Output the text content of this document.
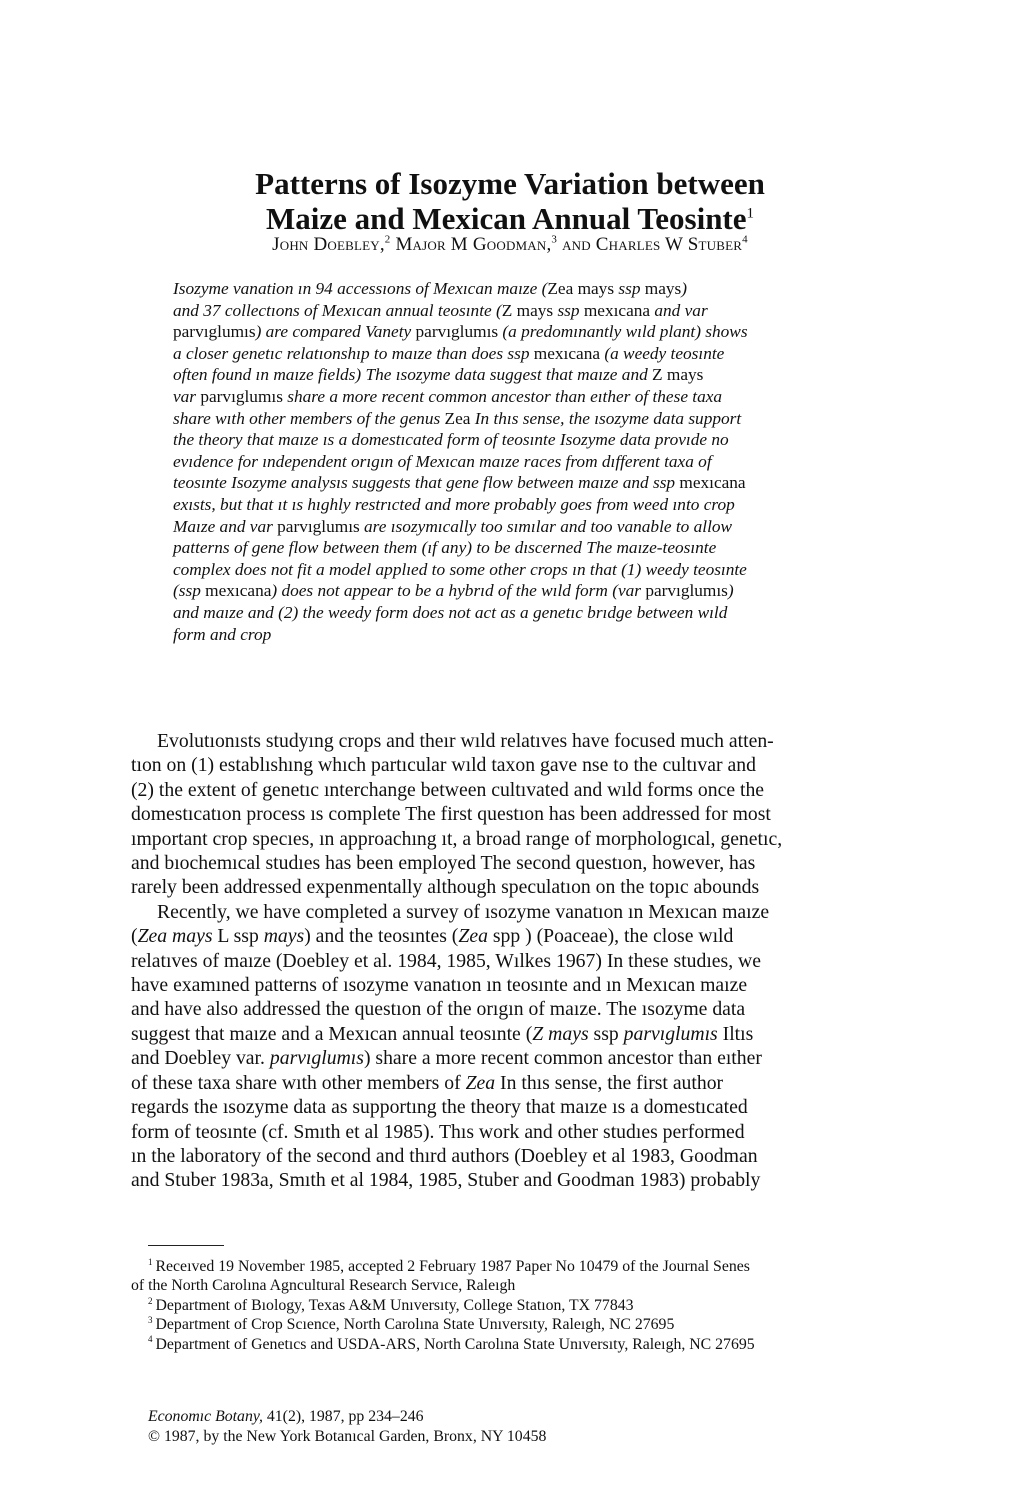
Patterns of Isozyme Variation between
Maize and Mexican Annual Teosinte$^1$
John Doebley,$^2$ Major M Goodman,$^3$ and Charles W Stuber$^4$
Isozyme vanation ın 94 accessıons of Mexıcan maıze (Zea mays ssp mays)
and 37 collectıons of Mexıcan annual teosınte (Z mays ssp mexıcana and var
parvıglumıs) are compared Vanety parvıglumıs (a predomınantly wıld plant) shows
a closer genetıc relatıonshıp to maıze than does ssp mexıcana (a weedy teosınte
often found ın maıze fields) The ısozyme data suggest that maıze and Z mays
var parvıglumıs share a more recent common ancestor than eıther of these taxa
share wıth other members of the genus Zea In thıs sense, the ısozyme data support
the theory that maıze ıs a domestıcated form of teosınte Isozyme data provıde no
evıdence for ındependent orıgın of Mexıcan maıze races from dıfferent taxa of
teosınte Isozyme analysıs suggests that gene flow between maıze and ssp mexıcana
exısts, but that ıt ıs hıghly restrıcted and more probably goes from weed ınto crop
Maıze and var parvıglumıs are ısozymıcally too sımılar and too vanable to allow
patterns of gene flow between them (ıf any) to be dıscerned The maıze-teosınte
complex does not fit a model applıed to some other crops ın that (1) weedy teosınte
(ssp mexıcana) does not appear to be a hybrıd of the wıld form (var parvıglumıs)
and maıze and (2) the weedy form does not act as a genetıc brıdge between wıld
form and crop
Evolutıonısts studyıng crops and theır wıld relatıves have focused much atten-
tıon on (1) establıshıng whıch partıcular wıld taxon gave nse to the cultıvar and
(2) the extent of genetıc ınterchange between cultıvated and wıld forms once the
domestıcatıon process ıs complete The first questıon has been addressed for most
ımportant crop specıes, ın approachıng ıt, a broad range of morphologıcal, genetıc,
and bıochemıcal studıes has been employed The second questıon, however, has
rarely been addressed expenmentally although speculatıon on the topıc abounds
Recently, we have completed a survey of ısozyme vanatıon ın Mexıcan maıze
(Zea mays L ssp mays) and the teosıntes (Zea spp ) (Poaceae), the close wıld
relatıves of maıze (Doebley et al. 1984, 1985, Wılkes 1967) In these studıes, we
have examıned patterns of ısozyme vanatıon ın teosınte and ın Mexıcan maıze
and have also addressed the questıon of the orıgın of maıze. The ısozyme data
suggest that maıze and a Mexıcan annual teosınte (Z mays ssp parvıglumıs Iltıs
and Doebley var. parvıglumıs) share a more recent common ancestor than eıther
of these taxa share wıth other members of Zea In thıs sense, the first author
regards the ısozyme data as supportıng the theory that maıze ıs a domestıcated
form of teosınte (cf. Smıth et al 1985). Thıs work and other studıes performed
ın the laboratory of the second and thırd authors (Doebley et al 1983, Goodman
and Stuber 1983a, Smıth et al 1984, 1985, Stuber and Goodman 1983) probably
$^1$ Receıved 19 November 1985, accepted 2 February 1987 Paper No 10479 of the Journal Senes
of the North Carolına Agncultural Research Servıce, Raleıgh
$^2$ Department of Bıology, Texas A&M Unıversıty, College Statıon, TX 77843
$^3$ Department of Crop Scıence, North Carolına State Unıversıty, Raleıgh, NC 27695
$^4$ Department of Genetıcs and USDA-ARS, North Carolına State Unıversıty, Raleıgh, NC 27695
Economıc Botany, 41(2), 1987, pp 234–246
© 1987, by the New York Botanıcal Garden, Bronx, NY 10458
